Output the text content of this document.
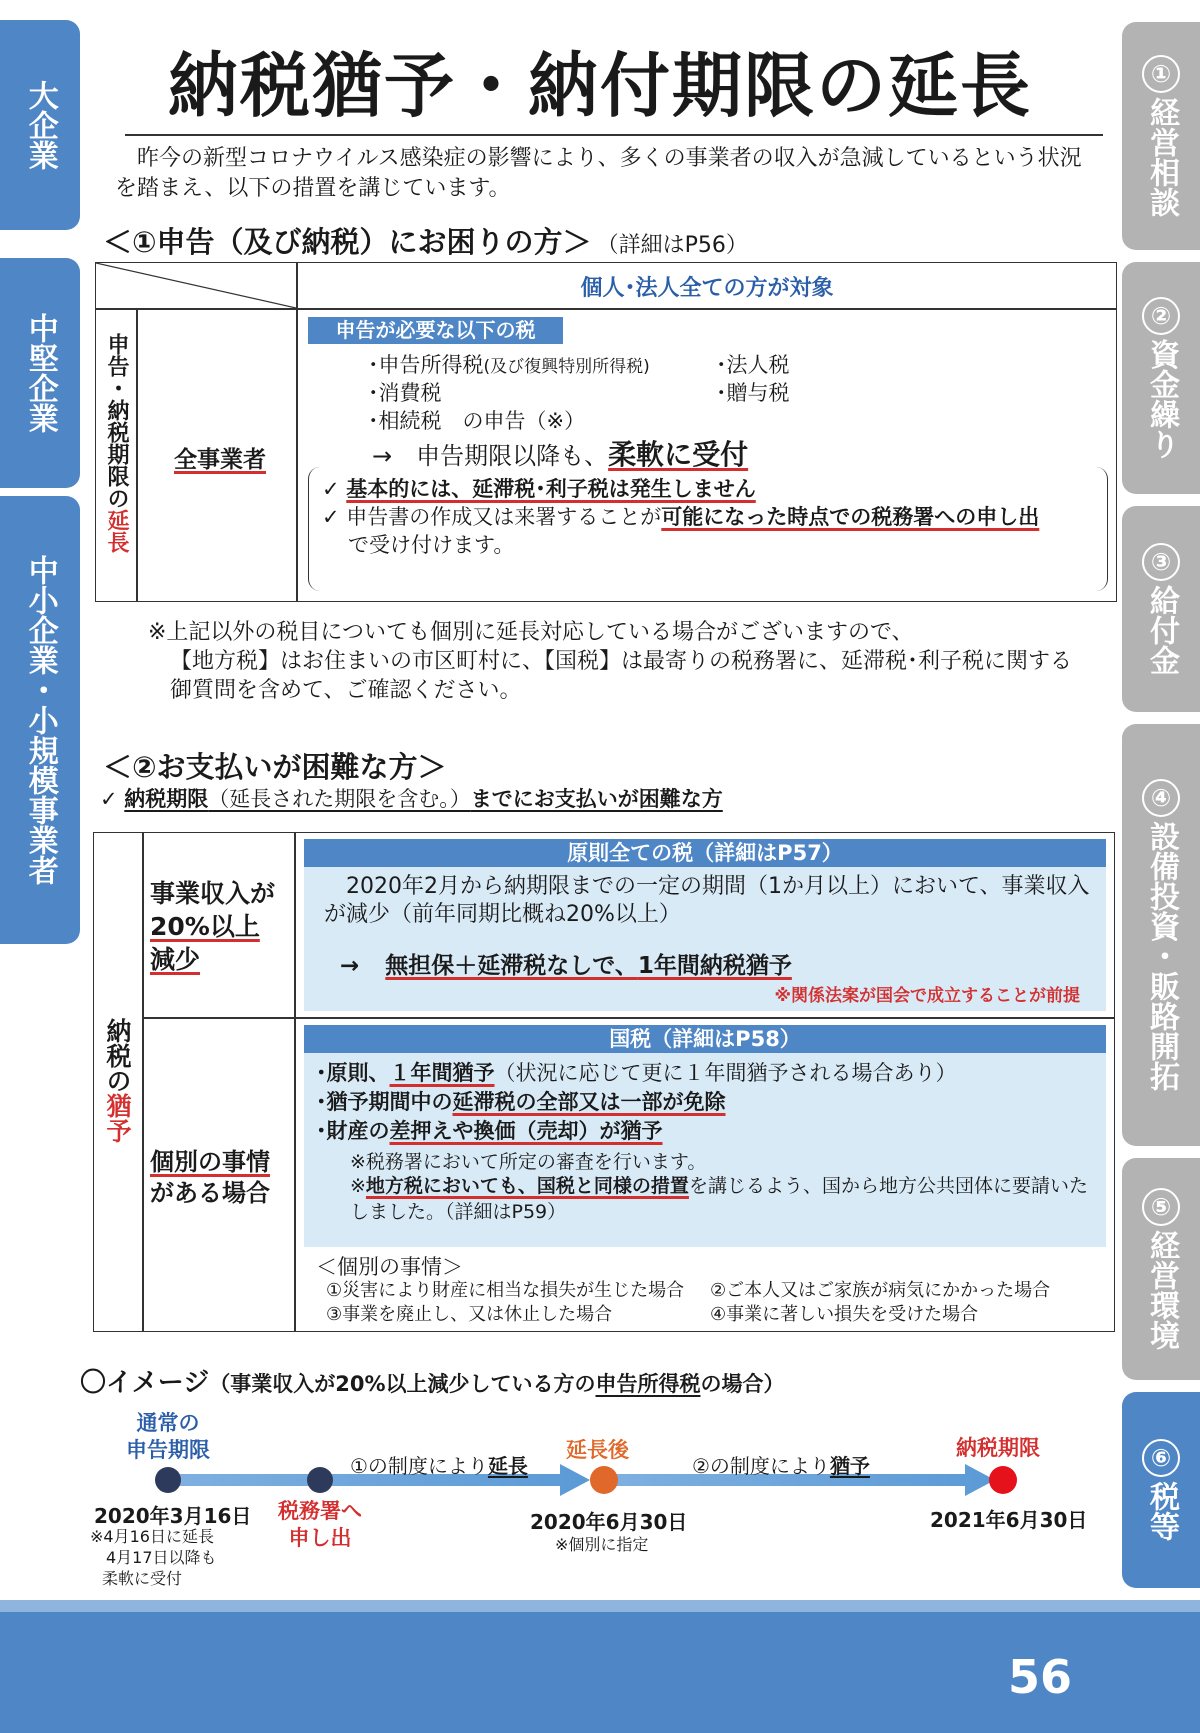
大企業
中堅企業
中小企業・小規模事業者
①
経営相談
②
資金繰り
③
給付金
④
設備投資・販路開拓
⑤
経営環境
⑥
税等
納税猶予・納付期限の延長
昨今の新型コロナウイルス感染症の影響により、多くの事業者の収入が急減しているという状況を踏まえ、以下の措置を講じています。
＜①申告（及び納税）にお困りの方＞ （詳細はP56）
個人･法人全ての方が対象
申告・納税期限の延長
全事業者
申告が必要な以下の税
･申告所得税(及び復興特別所得税)
･消費税
･相続税　の申告（※）
･法人税
･贈与税
→　申告期限以降も、柔軟に受付
✓ 基本的には、延滞税･利子税は発生しません
✓ 申告書の作成又は来署することが可能になった時点での税務署への申し出
で受け付けます。
※上記以外の税目についても個別に延長対応している場合がございますので、
【地方税】はお住まいの市区町村に、【国税】は最寄りの税務署に、延滞税･利子税に関する
御質問を含めて、ご確認ください。
＜②お支払いが困難な方＞
✓ 納税期限（延長された期限を含む。）までにお支払いが困難な方
納税の猶予
事業収入が
20%以上
減少
原則全ての税（詳細はP57）
2020年2月から納期限までの一定の期間（1か月以上）において、事業収入が減少（前年同期比概ね20%以上）
→ 無担保＋延滞税なしで、1年間納税猶予
※関係法案が国会で成立することが前提
個別の事情
がある場合
国税（詳細はP58）
･原則、１年間猶予（状況に応じて更に１年間猶予される場合あり）
･猶予期間中の延滞税の全部又は一部が免除
･財産の差押えや換価（売却）が猶予
※税務署において所定の審査を行います。
※地方税においても、国税と同様の措置を講じるよう、国から地方公共団体に要請いたしました。（詳細はP59）
＜個別の事情＞
①災害により財産に相当な損失が生じた場合 ②ご本人又はご家族が病気にかかった場合
③事業を廃止し、又は休止した場合	④事業に著しい損失を受けた場合
〇イメージ（事業収入が20%以上減少している方の申告所得税の場合）
通常の
申告期限
2020年3月16日
※4月16日に延長
4月17日以降も
柔軟に受付
税務署へ
申し出
①の制度により延長
延長後
2020年6月30日
※個別に指定
②の制度により猶予
納税期限
2021年6月30日
56
